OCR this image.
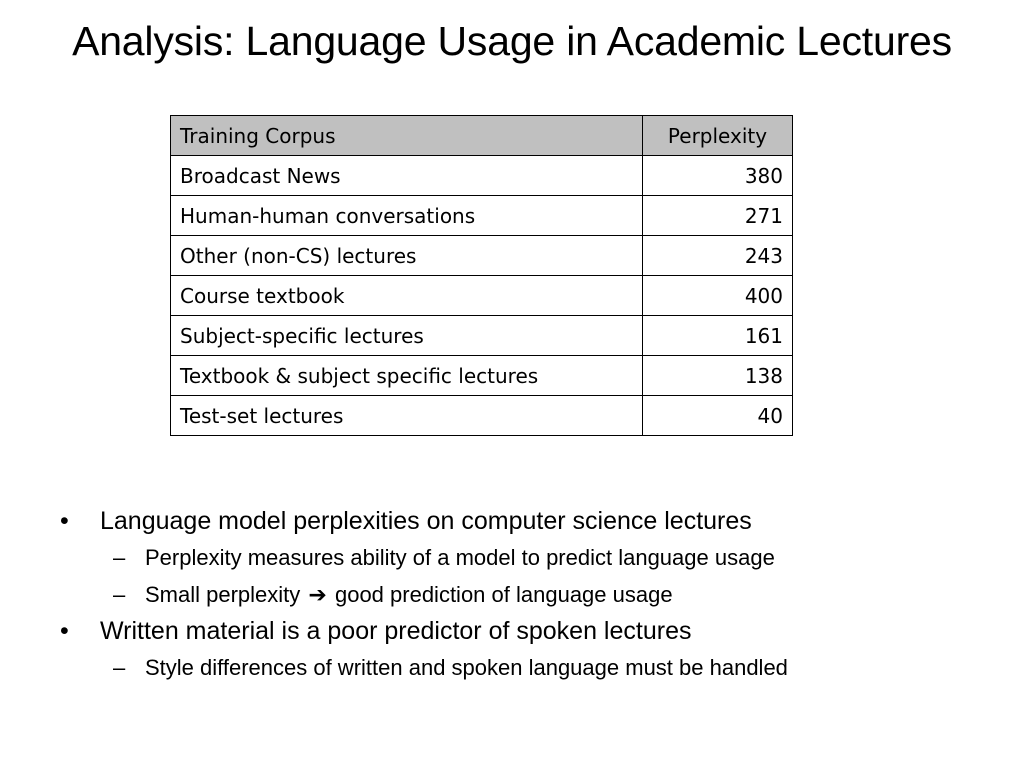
Analysis: Language Usage in Academic Lectures
Training Corpus	Perplexity
Broadcast News	380
Human-human conversations	271
Other (non-CS) lectures	243
Course textbook	400
Subject-specific lectures	161
Textbook & subject specific lectures	138
Test-set lectures	40
• Language model perplexities on computer science lectures
– Perplexity measures ability of a model to predict language usage
– Small perplexity ➔ good prediction of language usage
• Written material is a poor predictor of spoken lectures
– Style differences of written and spoken language must be handled
